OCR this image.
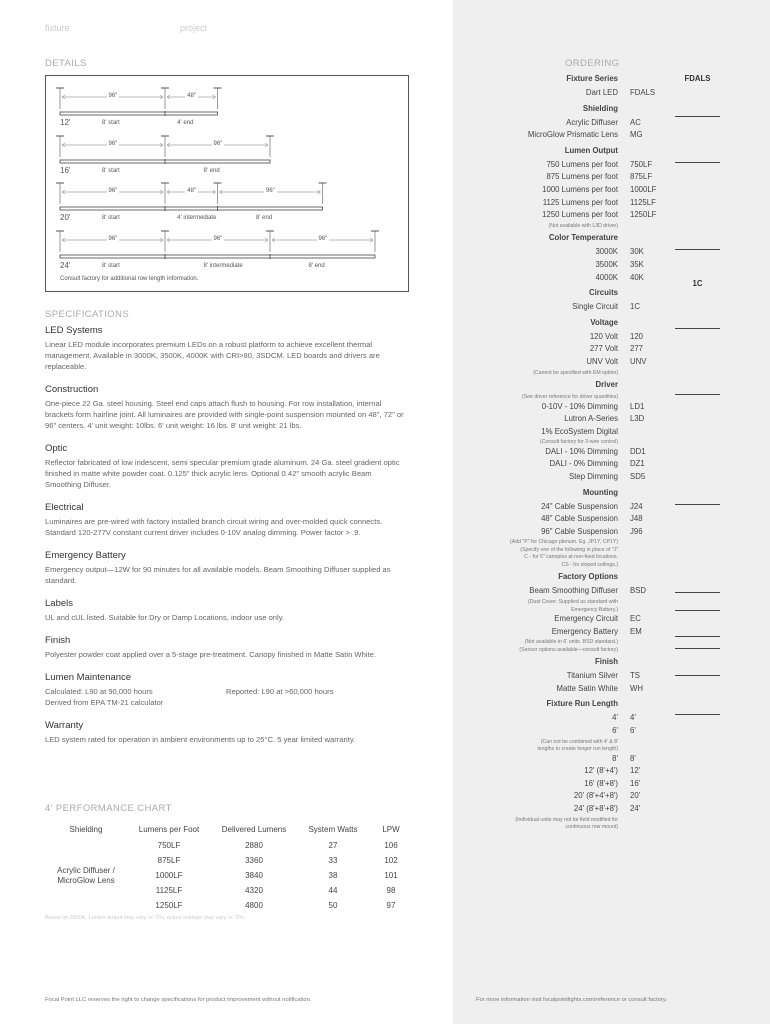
fixture	project
DETAILS
96"	48"
12'	8' start	4' end
96"	96"
16'	8' start	8' end
96"	48"	96"
20'	8' start	4' intermediate	8' end
96"	96"	96"
24'	8' start	8' intermediate	8' end
Consult factory for additional row length information.
SPECIFICATIONS
LED Systems
Linear LED module incorporates premium LEDs on a robust platform to achieve excellent thermal management. Available in 3000K, 3500K, 4000K with CRI>80, 3SDCM. LED boards and drivers are replaceable.
Construction
One-piece 22 Ga. steel housing. Steel end caps attach flush to housing. For row installation, internal brackets form hairline joint. All luminaires are provided with single-point suspension mounted on 48", 72" or 96" centers. 4' unit weight: 10lbs. 6' unit weight: 16 lbs. 8' unit weight: 21 lbs.
Optic
Reflector fabricated of low iridescent, semi specular premium grade aluminum. 24 Ga. steel gradient optic finished in matte white powder coat. 0.125" thick acrylic lens. Optional 0.42" smooth acrylic Beam Smoothing Diffuser.
Electrical
Luminaires are pre-wired with factory installed branch circuit wiring and over-molded quick connects. Standard 120-277V constant current driver includes 0-10V analog dimming. Power factor > .9.
Emergency Battery
Emergency output—12W for 90 minutes for all available models. Beam Smoothing Diffuser supplied as standard.
Labels
UL and cUL listed. Suitable for Dry or Damp Locations, indoor use only.
Finish
Polyester powder coat applied over a 5-stage pre-treatment. Canopy finished in Matte Satin White.
Lumen Maintenance
Calculated: L90 at 90,000 hours	Reported: L90 at >60,000 hours
Derived from EPA TM-21 calculator
Warranty
LED system rated for operation in ambient environments up to 25°C. 5 year limited warranty.
4' PERFORMANCE CHART
Shielding	Lumens per Foot	Delivered Lumens	System Watts	LPW
Acrylic Diffuser / MicroGlow Lens	750LF	2880	27	106
	875LF	3360	33	102
	1000LF	3840	38	101
	1125LF	4320	44	98
	1250LF	4800	50	97
Based on 3500K. Lumen output may vary +/- 5%, actual wattage may vary +/- 5%.
Focal Point LLC reserves the right to change specifications for product improvement without notification.	For more information visit focalpointlights.com/reference or consult factory.
ORDERING
FDALS
1C
Fixture Series
Dart LED FDALS
Shielding
Acrylic Diffuser AC
MicroGlow Prismatic Lens MG
Lumen Output
750 Lumens per foot 750LF
875 Lumens per foot 875LF
1000 Lumens per foot 1000LF
1125 Lumens per foot 1125LF
1250 Lumens per foot 1250LF
(Not available with L3D driver)
Color Temperature
3000K 30K
3500K 35K
4000K 40K
Circuits
Single Circuit 1C
Voltage
120 Volt 120
277 Volt 277
UNV Volt UNV
(Cannot be specified with EM option)
Driver
(See driver reference for driver quantities)
0-10V - 10% Dimming LD1
Lutron A-Series L3D
1% EcoSystem Digital
(Consult factory for 3-wire control)
DALI - 10% Dimming DD1
DALI - 0% Dimming DZ1
Step Dimming SD5
Mounting
24" Cable Suspension J24
48" Cable Suspension J48
96" Cable Suspension J96
(Add "P" for Chicago plenum. Eg. JP1Y, CP1Y)
(Specify one of the following in place of "J"
C - for 5" canopies at non-feed locations.
CS - for sloped ceilings.)
Factory Options
Beam Smoothing Diffuser BSD
(Dust Cover: Supplied as standard with
Emergency Battery.)
Emergency Circuit EC
Emergency Battery EM
(Not available in 6' units. BSD standard.)
(Sensor options available—consult factory)
Finish
Titanium Silver TS
Matte Satin White WH
Fixture Run Length
4' 4'
6' 6'
(Can not be combined with 4' & 8'
lengths to create longer run length)
8' 8'
12' (8'+4') 12'
16' (8'+8') 16'
20' (8'+4'+8') 20'
24' (8'+8'+8') 24'
(Individual units may not be field modified for
continuous row mount)
